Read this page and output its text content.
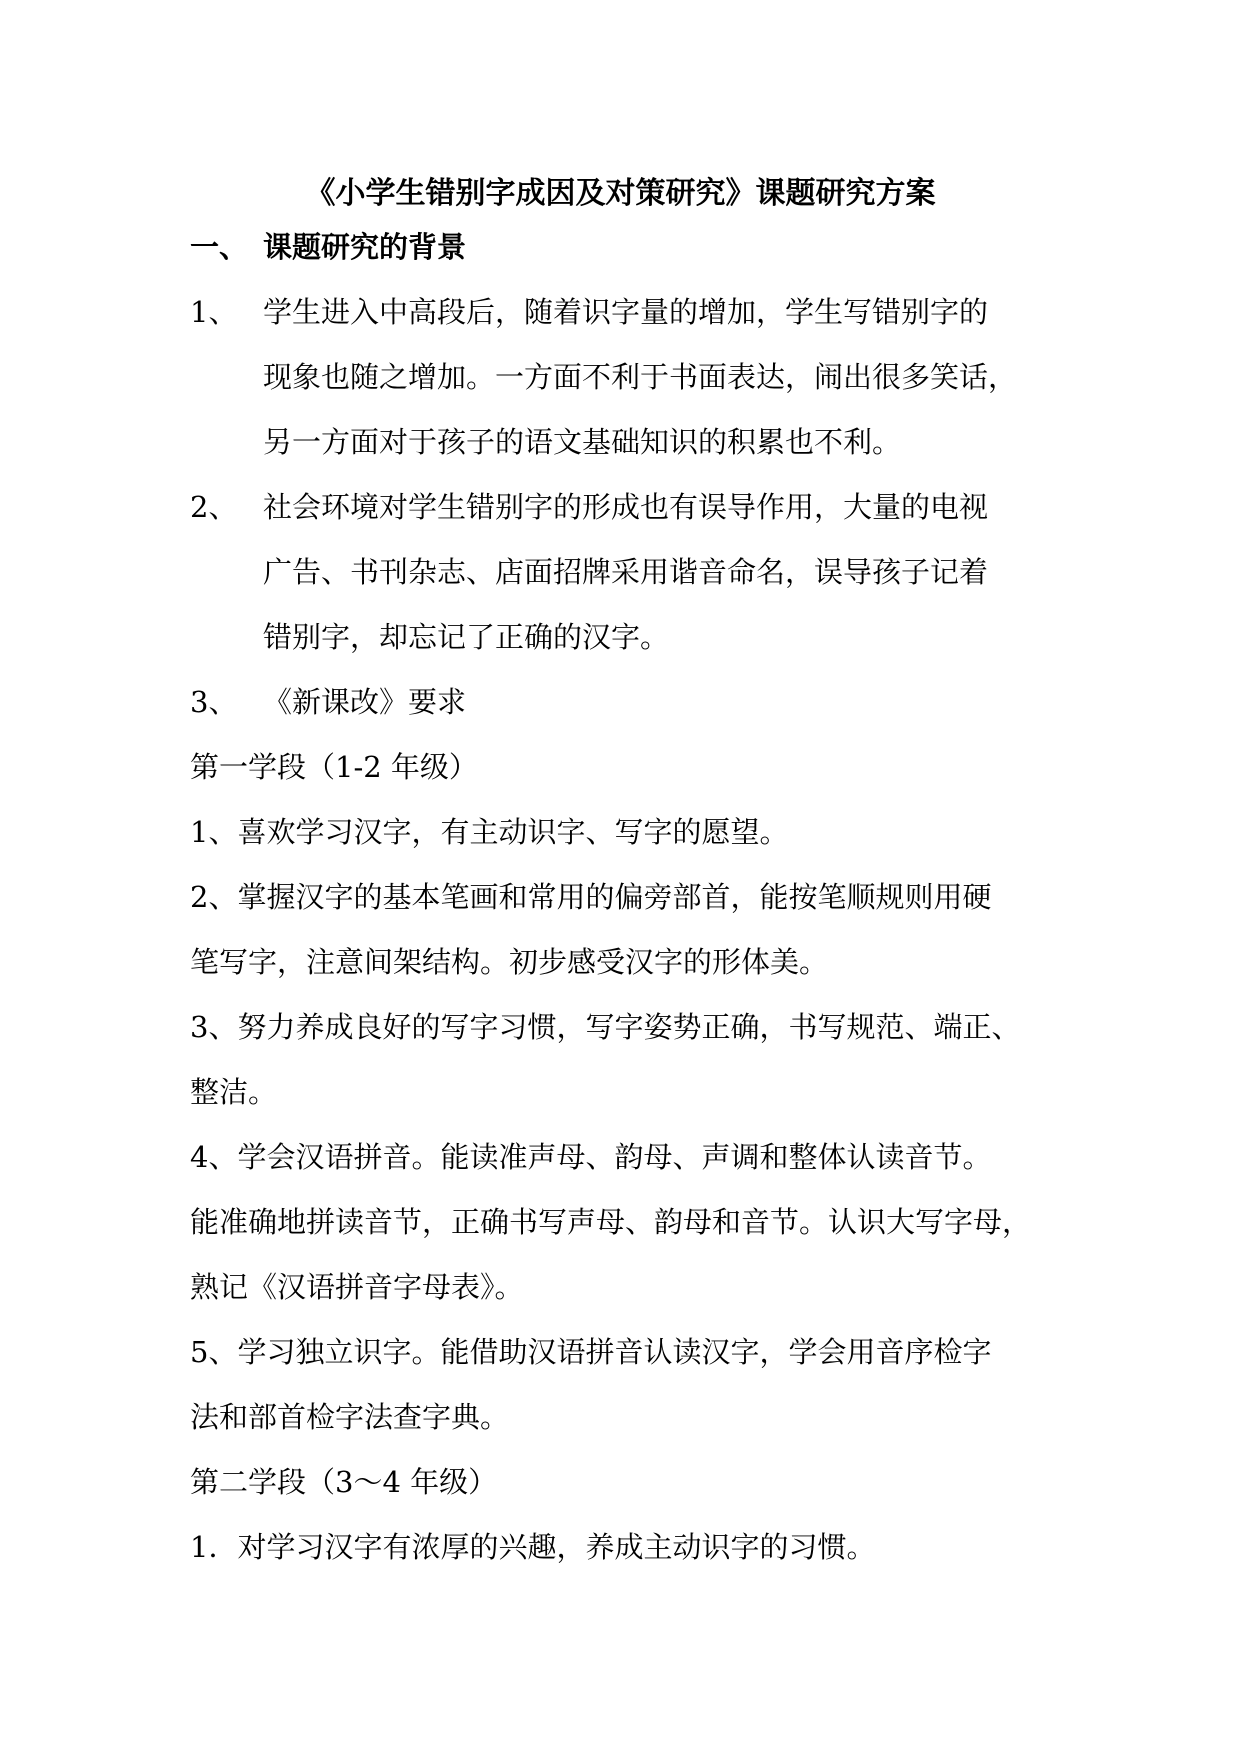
《小学生错别字成因及对策研究》课题研究方案
一、 课题研究的背景
1、 学生进入中高段后，随着识字量的增加，学生写错别字的
现象也随之增加。一方面不利于书面表达，闹出很多笑话，
另一方面对于孩子的语文基础知识的积累也不利。
2、 社会环境对学生错别字的形成也有误导作用，大量的电视
广告、书刊杂志、店面招牌采用谐音命名，误导孩子记着
错别字，却忘记了正确的汉字。
3、 《新课改》要求
第一学段（1-2 年级）
1、喜欢学习汉字，有主动识字、写字的愿望。
2、掌握汉字的基本笔画和常用的偏旁部首，能按笔顺规则用硬
笔写字，注意间架结构。初步感受汉字的形体美。
3、努力养成良好的写字习惯，写字姿势正确，书写规范、端正、
整洁。
4、学会汉语拼音。能读准声母、韵母、声调和整体认读音节。
能准确地拼读音节，正确书写声母、韵母和音节。认识大写字母，
熟记《汉语拼音字母表》。
5、学习独立识字。能借助汉语拼音认读汉字，学会用音序检字
法和部首检字法查字典。
第二学段（3～4 年级）
1．对学习汉字有浓厚的兴趣，养成主动识字的习惯。
